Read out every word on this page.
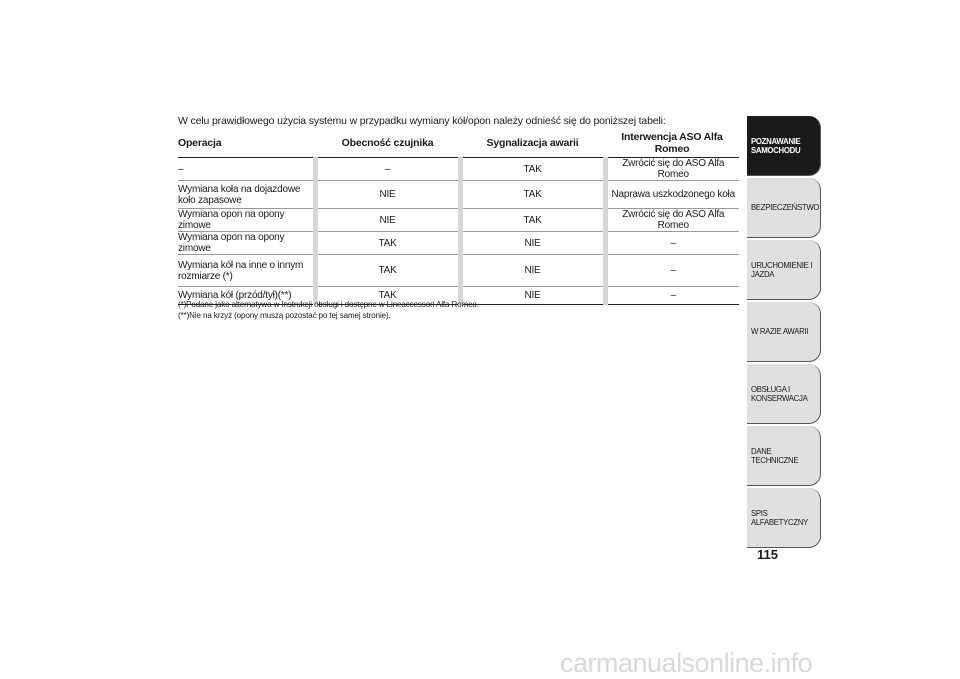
W celu prawidłowego użycia systemu w przypadku wymiany kół/opon należy odnieść się do poniższej tabeli:
Operacja	Obecność czujnika	Sygnalizacja awarii	Interwencja ASO Alfa Romeo
–	–	TAK	Zwrócić się do ASO Alfa Romeo
Wymiana koła na dojazdowe koło zapasowe	NIE	TAK	Naprawa uszkodzonego koła
Wymiana opon na opony zimowe	NIE	TAK	Zwrócić się do ASO Alfa Romeo
Wymiana opon na opony zimowe	TAK	NIE	–
Wymiana kół na inne o innym rozmiarze (*)	TAK	NIE	–
Wymiana kół (przód/tył)(**)	TAK	NIE	–
(*)Podane jako alternatywa w Instrukcji obsługi i dostępne w Lineaccessori Alfa Romeo.
(**)Nie na krzyż (opony muszą pozostać po tej samej stronie).
POZNAWANIE SAMOCHODU
BEZPIECZEŃSTWO
URUCHOMIENIE I JAZDA
W RAZIE AWARII
OBSŁUGA I KONSERWACJA
DANE TECHNICZNE
SPIS ALFABETYCZNY
115
carmanualsonline.info
